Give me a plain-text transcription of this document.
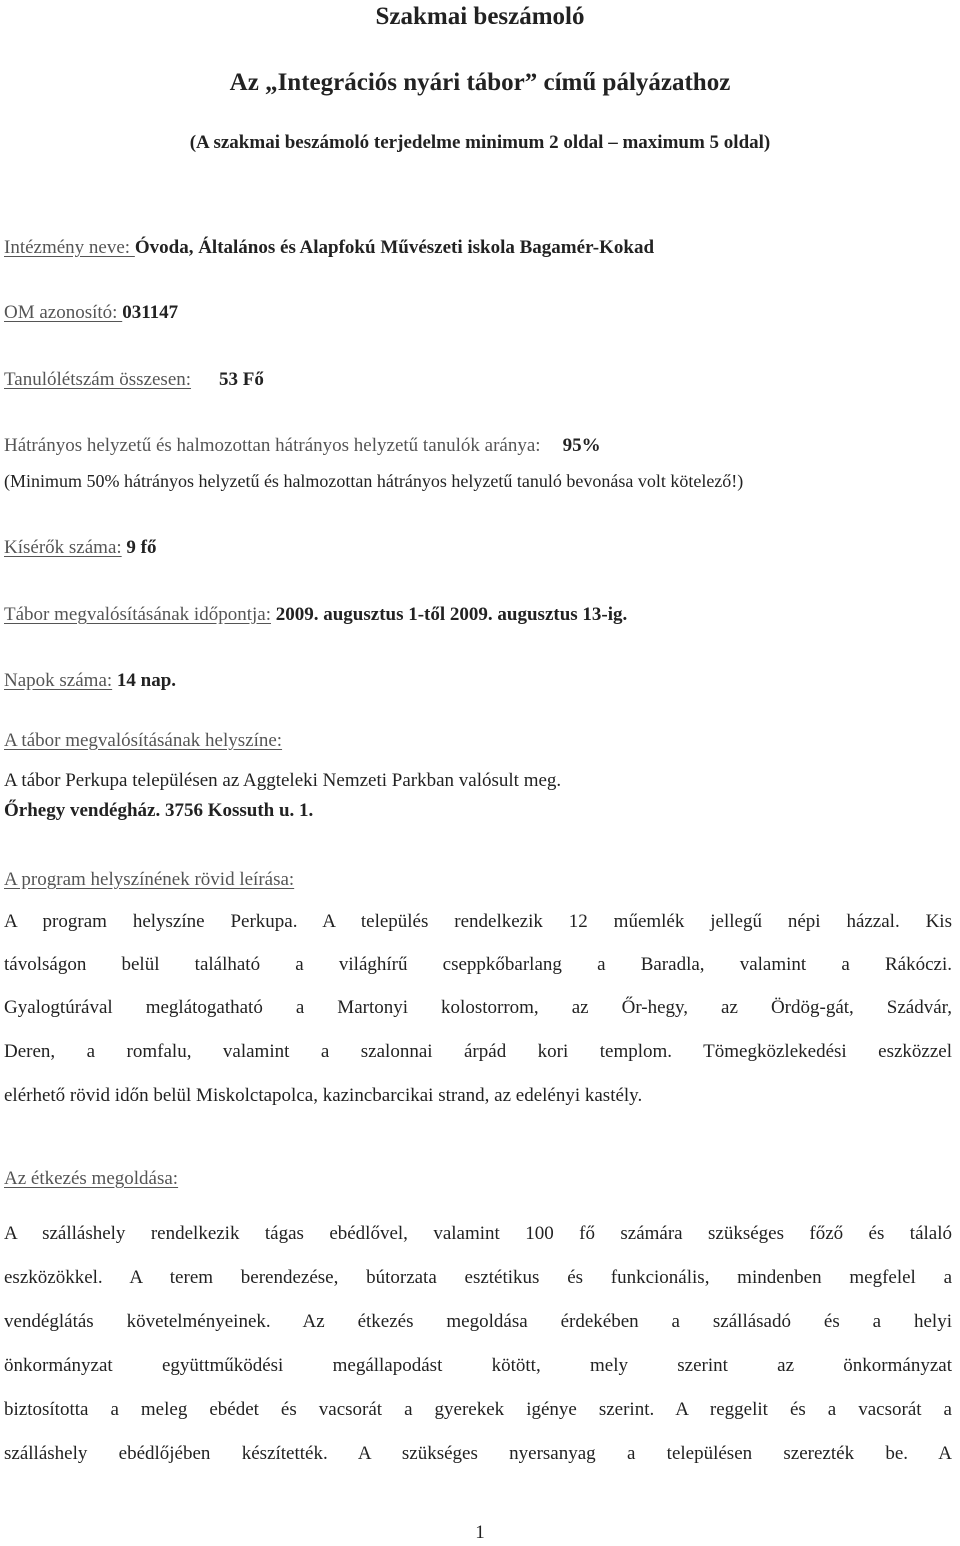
Szakmai beszámoló
Az „Integrációs nyári tábor” című pályázathoz
(A szakmai beszámoló terjedelme minimum 2 oldal – maximum 5 oldal)
Intézmény neve: Óvoda, Általános és Alapfokú Művészeti iskola Bagamér-Kokad
OM azonosító: 031147
Tanulólétszám összesen: 53 Fő
Hátrányos helyzetű és halmozottan hátrányos helyzetű tanulók aránya: 95%
(Minimum 50% hátrányos helyzetű és halmozottan hátrányos helyzetű tanuló bevonása volt kötelező!)
Kísérők száma: 9 fő
Tábor megvalósításának időpontja: 2009. augusztus 1-től 2009. augusztus 13-ig.
Napok száma: 14 nap.
A tábor megvalósításának helyszíne:
A tábor Perkupa településen az Aggteleki Nemzeti Parkban valósult meg.
Őrhegy vendégház. 3756 Kossuth u. 1.
A program helyszínének rövid leírása:
A program helyszíne Perkupa. A település rendelkezik 12 műemlék jellegű népi házzal. Kis
távolságon belül található a világhírű cseppkőbarlang a Baradla, valamint a Rákóczi.
Gyalogtúrával meglátogatható a Martonyi kolostorrom, az Őr-hegy, az Ördög-gát, Szádvár,
Deren, a romfalu, valamint a szalonnai árpád kori templom. Tömegközlekedési eszközzel
elérhető rövid időn belül Miskolctapolca, kazincbarcikai strand, az edelényi kastély.
Az étkezés megoldása:
A szálláshely rendelkezik tágas ebédlővel, valamint 100 fő számára szükséges főző és tálaló
eszközökkel. A terem berendezése, bútorzata esztétikus és funkcionális, mindenben megfelel a
vendéglátás követelményeinek. Az étkezés megoldása érdekében a szállásadó és a helyi
önkormányzat együttműködési megállapodást kötött, mely szerint az önkormányzat
biztosította a meleg ebédet és vacsorát a gyerekek igénye szerint. A reggelit és a vacsorát a
szálláshely ebédlőjében készítették. A szükséges nyersanyag a településen szerezték be. A
1
